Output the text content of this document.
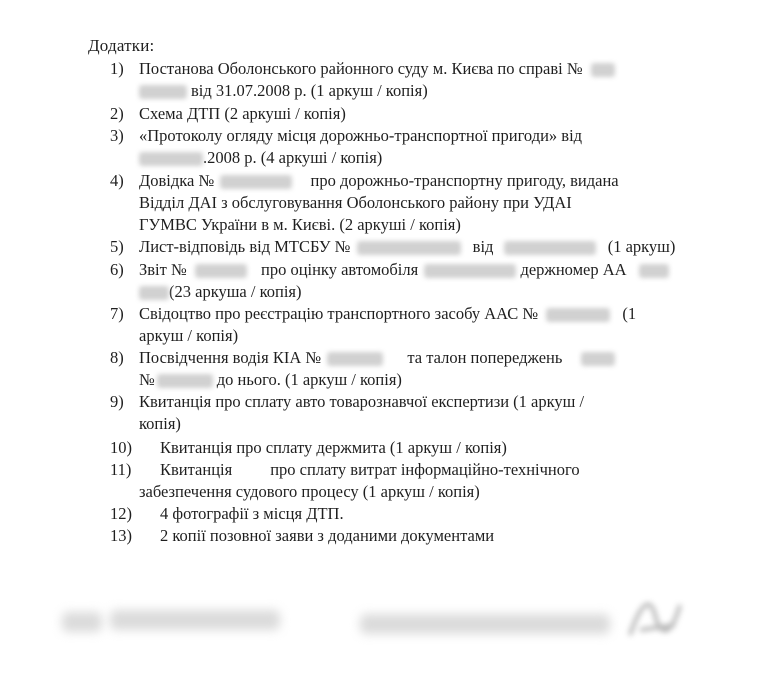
Додатки:
1) Постанова Оболонського районного суду м. Києва по справі №
від 31.07.2008 р. (1 аркуш / копія)
2) Схема ДТП (2 аркуші / копія)
3) «Протоколу огляду місця дорожньо-транспортної пригоди» від
.2008 р. (4 аркуші / копія)
4) Довідка №	про дорожньо-транспортну пригоду, видана
Відділ ДАІ з обслуговування Оболонського району при УДАІ
ГУМВС України в м. Києві. (2 аркуші / копія)
5) Лист-відповідь від МТСБУ №	від	(1 аркуш)
6) Звіт №	про оцінку автомобіля	держномер АА
(23 аркуша / копія)
7) Свідоцтво про реєстрацію транспортного засобу ААС №	(1
аркуш / копія)
8) Посвідчення водія КІА №	та талон попереджень
№	до нього. (1 аркуш / копія)
9) Квитанція про сплату авто товарознавчої експертизи (1 аркуш /
копія)
10) Квитанція про сплату держмита (1 аркуш / копія)
11) Квитанція про сплату витрат інформаційно-технічного
забезпечення судового процесу (1 аркуш / копія)
12) 4 фотографії з місця ДТП.
13) 2 копії позовної заяви з доданими документами
